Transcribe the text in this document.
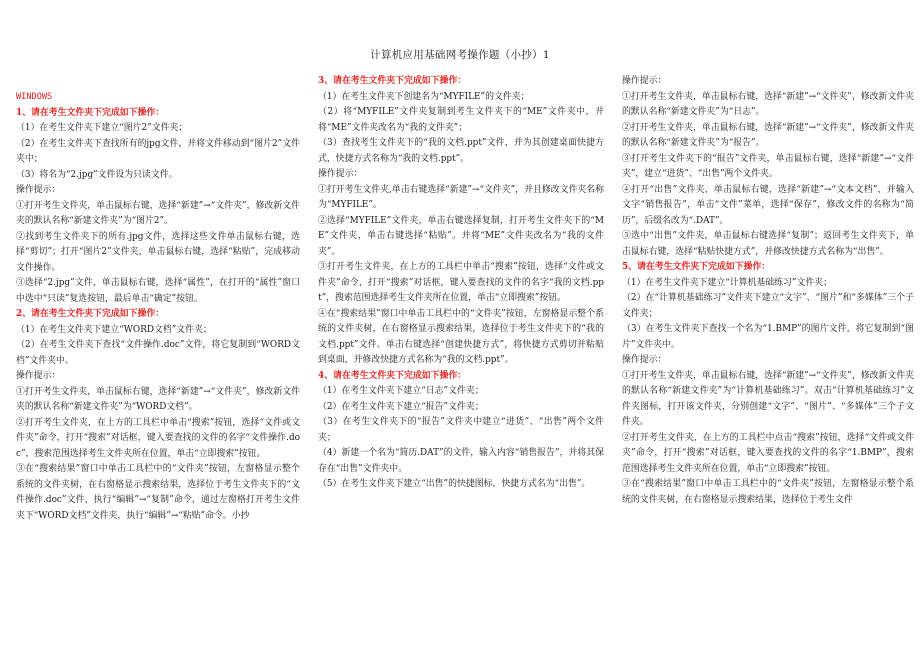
计算机应用基础网考操作题（小抄）1

WINDOWS

1、请在考生文件夹下完成如下操作：

（1）在考生文件夹下建立“图片2”文件夹；

（2）在考生文件夹下查找所有的jpg文件，并将文件移动到“图片2”文件夹中；

（3）将名为“2.jpg”文件设为只读文件。

操作提示：

①打开考生文件夹，单击鼠标右键，选择“新建”→“文件夹”，修改新文件夹的默认名称“新建文件夹”为“图片2”。

②找到考生文件夹下的所有.jpg文件，选择这些文件单击鼠标右键，选择“剪切”；打开“图片2”文件夹，单击鼠标右键，选择“粘贴”，完成移动文件操作。

③选择“2.jpg”文件，单击鼠标右键，选择“属性”，在打开的“属性”窗口中选中“只读”复选按钮，最后单击“确定”按钮。

2、请在考生文件夹下完成如下操作：

（1）在考生文件夹下建立“WORD文档”文件夹；

（2）在考生文件夹下查找“文件操作.doc”文件，将它复制到“WORD文档”文件夹中。

操作提示：

①打开考生文件夹，单击鼠标右键，选择“新建”→“文件夹”，修改新文件夹的默认名称“新建文件夹”为“WORD文档”。

②打开考生文件夹，在上方的工具栏中单击“搜索”按钮，选择“文件或文件夹”命令，打开“搜索”对话框，键入要查找的文件的名字“文件操作.doc”，搜索范围选择考生文件夹所在位置，单击“立即搜索”按钮。

③在“搜索结果”窗口中单击工具栏中的“文件夹”按钮，左窗格显示整个系统的文件夹树，在右窗格显示搜索结果，选择位于考生文件夹下的“文件操作.doc”文件，执行“编辑”→“复制”命令，通过左窗格打开考生文件夹下“WORD文档”文件夹，执行“编辑”→“粘贴”命令。小抄

3、请在考生文件夹下完成如下操作：

（1）在考生文件夹下创建名为“MYFILE”的文件夹；

（2）将“MYFILE”文件夹复制到考生文件夹下的“ME”文件夹中，并将“ME”文件夹改名为“我的文件夹”；

（3）查找考生文件夹下的“我的文档.ppt”文件，并为其创建桌面快捷方式，快捷方式名称为“我的文档.ppt”。

操作提示：

①打开考生文件夹,单击右键选择“新建”→“文件夹”，并且修改文件夹名称为“MYFILE”。

②选择“MYFILE”文件夹，单击右键选择复制，打开考生文件夹下的“ME”文件夹，单击右键选择“粘贴”。并将“ME”文件夹改名为“我的文件夹”。

③打开考生文件夹，在上方的工具栏中单击“搜索”按钮，选择“文件或文件夹”命令，打开“搜索”对话框，键入要查找的文件的名字“我的文档.ppt”，搜索范围选择考生文件夹所在位置，单击“立即搜索”按钮。

④在“搜索结果”窗口中单击工具栏中的“文件夹”按钮，左窗格显示整个系统的文件夹树，在右窗格显示搜索结果，选择位于考生文件夹下的“我的文档.ppt”文件。单击右键选择“创建快捷方式”，将快捷方式剪切并粘贴到桌面，并修改快捷方式名称为“我的文档.ppt”。

4、请在考生文件夹下完成如下操作：

（1）在考生文件夹下建立“日志”文件夹；

（2）在考生文件夹下建立“报告”文件夹；

（3）在考生文件夹下的“报告”文件夹中建立“进货”、“出售”两个文件夹；

（4）新建一个名为“简历.DAT”的文件，输入内容“销售报告”，并将其保存在“出售”文件夹中。

（5）在考生文件夹下建立“出售”的快捷图标，快捷方式名为“出售”。

操作提示：

①打开考生文件夹，单击鼠标右键，选择“新建”→“文件夹”，修改新文件夹的默认名称“新建文件夹”为“日志”。

②打开考生文件夹，单击鼠标右键，选择“新建”→“文件夹”，修改新文件夹的默认名称“新建文件夹”为“报告”。

③打开考生文件夹下的“报告”文件夹，单击鼠标右键，选择“新建”→“文件夹”，建立“进货”、“出售”两个文件夹。

④打开“出售”文件夹，单击鼠标右键，选择“新建”→“文本文档”，并输入文字“销售报告”，单击“文件”菜单，选择“保存”，修改文件的名称为“简历”，后缀名改为“.DAT”。

⑤选中“出售”文件夹，单击鼠标右键选择“复制”；返回考生文件夹下，单击鼠标右键，选择“粘贴快捷方式”，并修改快捷方式名称为“出售”。

5、请在考生文件夹下完成如下操作：

（1）在考生文件夹下建立“计算机基础练习”文件夹；

（2）在“计算机基础练习”文件夹下建立“文字”、“图片”和“多媒体”三个子文件夹；

（3）在考生文件夹下查找一个名为“1.BMP”的图片文件，将它复制到“图片”文件夹中。

操作提示：

①打开考生文件夹，单击鼠标右键，选择“新建”→“文件夹”，修改新文件夹的默认名称“新建文件夹”为“计算机基础练习”。双击“计算机基础练习”文件夹图标，打开该文件夹，分别创建“文字”、“图片”、“多媒体”三个子文件夹。

②打开考生文件夹，在上方的工具栏中点击“搜索”按钮，选择“文件或文件夹”命令，打开“搜索”对话框，键入要查找的文件的名字“1.BMP”，搜索范围选择考生文件夹所在位置，单击“立即搜索”按钮。

③在“搜索结果”窗口中单击工具栏中的“文件夹”按钮，左窗格显示整个系统的文件夹树，在右窗格显示搜索结果，选择位于考生文件
